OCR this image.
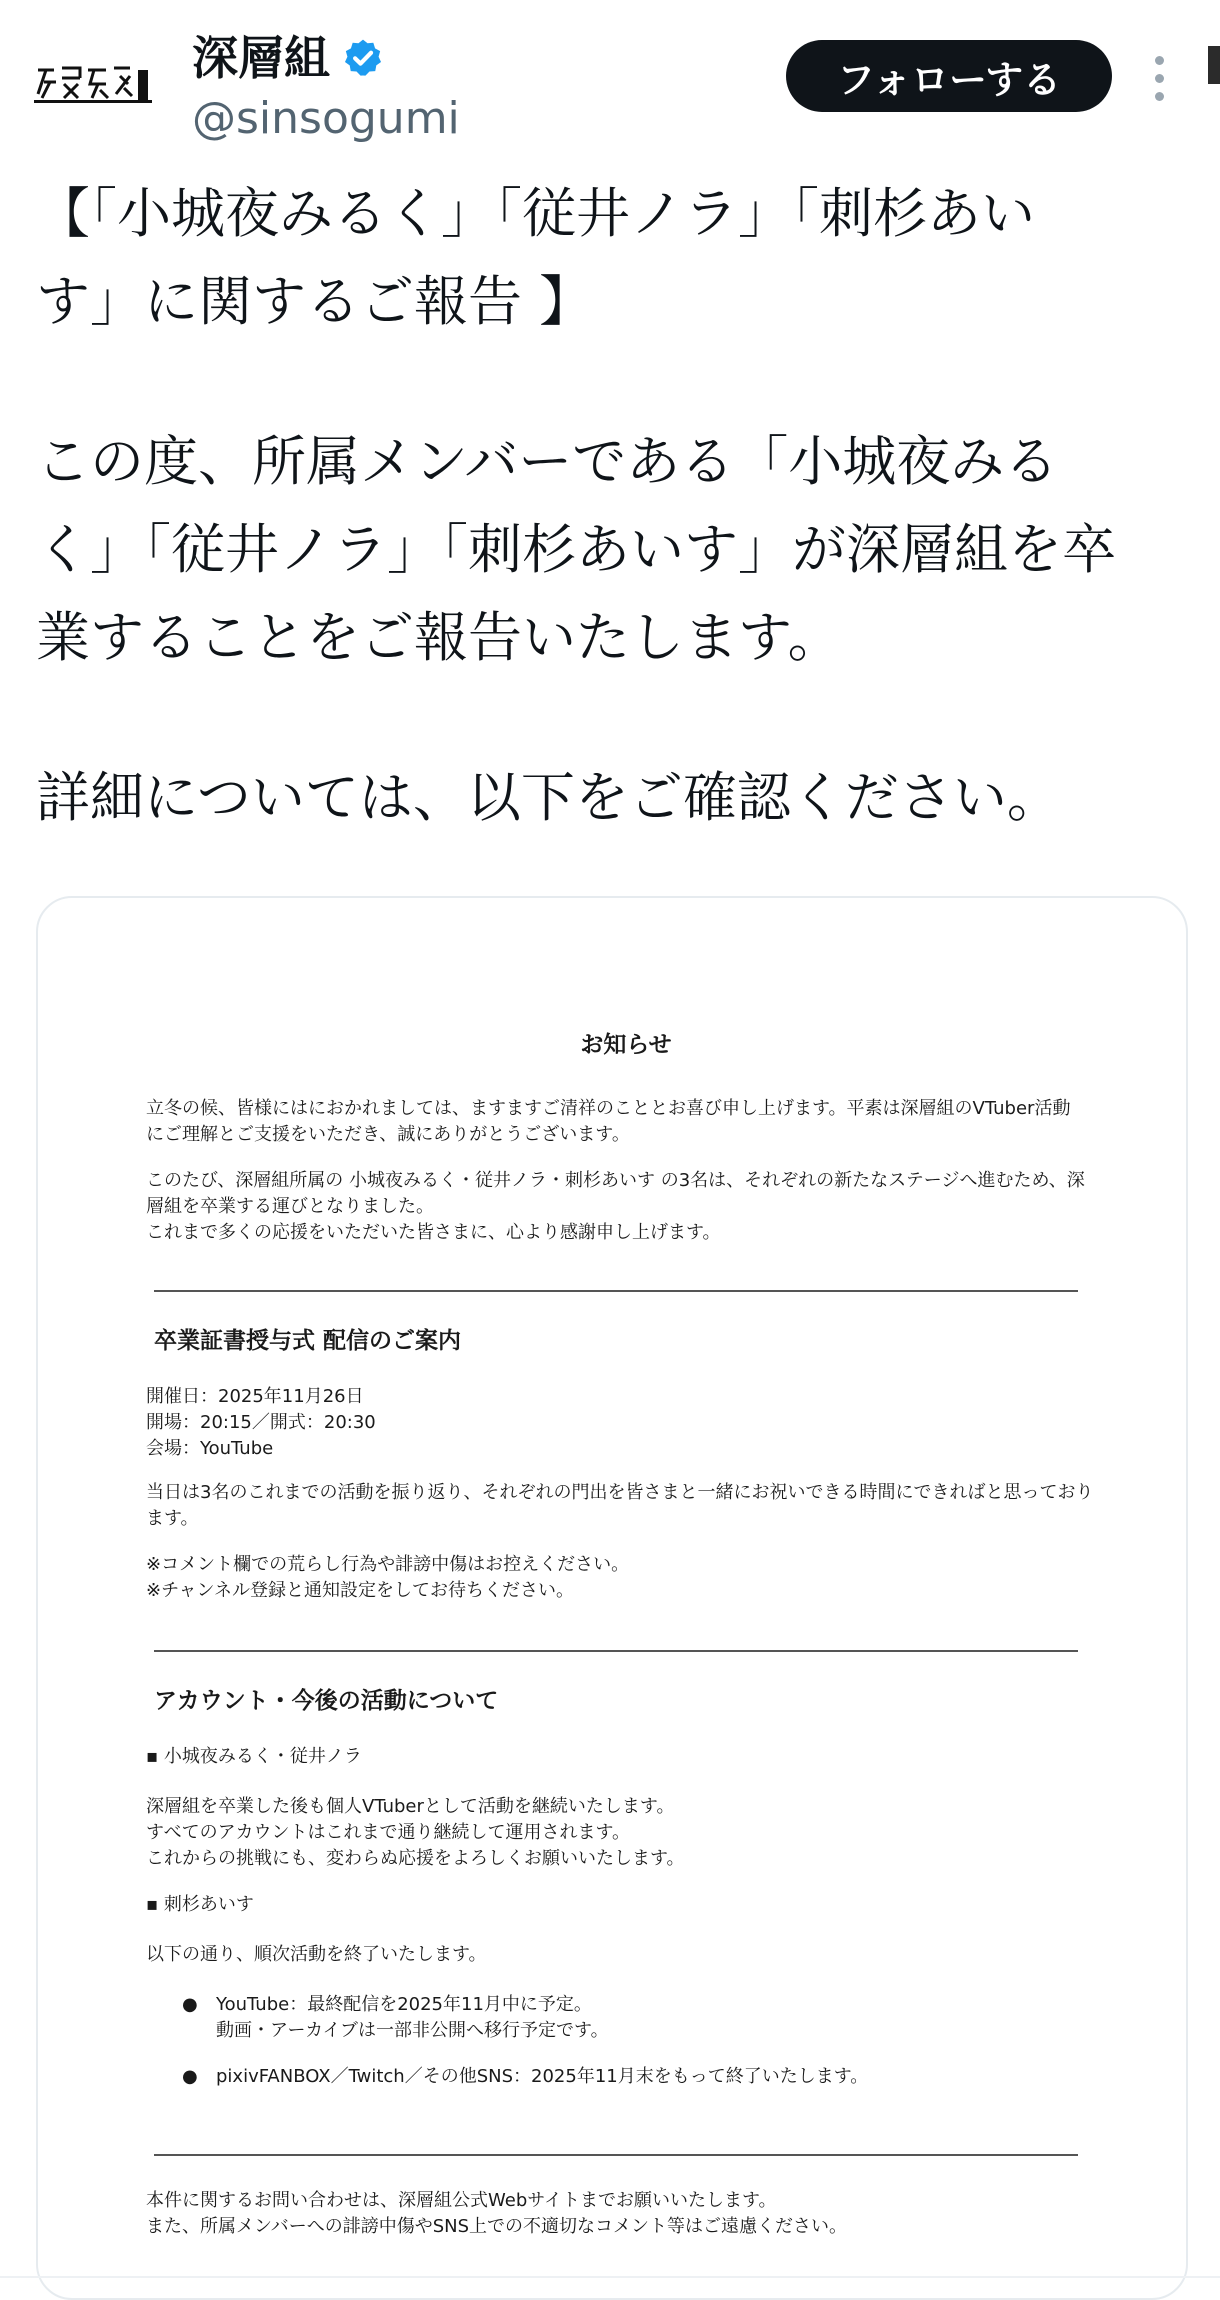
深層組
@sinsogumi
フォローする

【「小城夜みるく」「従井ノラ」「刺杉あい
す」に関するご報告 】

この度、所属メンバーである「小城夜みる
く」「従井ノラ」「刺杉あいす」が深層組を卒
業することをご報告いたします。

詳細については、以下をご確認ください。

お知らせ
立冬の候、皆様にはにおかれましては、ますますご清祥のこととお喜び申し上げます。平素は深層組のVTuber活動
にご理解とご支援をいただき、誠にありがとうございます。
このたび、深層組所属の 小城夜みるく・従井ノラ・刺杉あいす の3名は、それぞれの新たなステージへ進むため、深
層組を卒業する運びとなりました。
これまで多くの応援をいただいた皆さまに、心より感謝申し上げます。
卒業証書授与式 配信のご案内
開催日：2025年11月26日
開場：20:15／開式：20:30
会場：YouTube
当日は3名のこれまでの活動を振り返り、それぞれの門出を皆さまと一緒にお祝いできる時間にできればと思っており
ます。
※コメント欄での荒らし行為や誹謗中傷はお控えください。
※チャンネル登録と通知設定をしてお待ちください。
アカウント・今後の活動について
▪ 小城夜みるく・従井ノラ
深層組を卒業した後も個人VTuberとして活動を継続いたします。
すべてのアカウントはこれまで通り継続して運用されます。
これからの挑戦にも、変わらぬ応援をよろしくお願いいたします。
▪ 刺杉あいす
以下の通り、順次活動を終了いたします。
● YouTube：最終配信を2025年11月中に予定。
動画・アーカイブは一部非公開へ移行予定です。
● pixivFANBOX／Twitch／その他SNS：2025年11月末をもって終了いたします。
本件に関するお問い合わせは、深層組公式Webサイトまでお願いいたします。
また、所属メンバーへの誹謗中傷やSNS上での不適切なコメント等はご遠慮ください。
